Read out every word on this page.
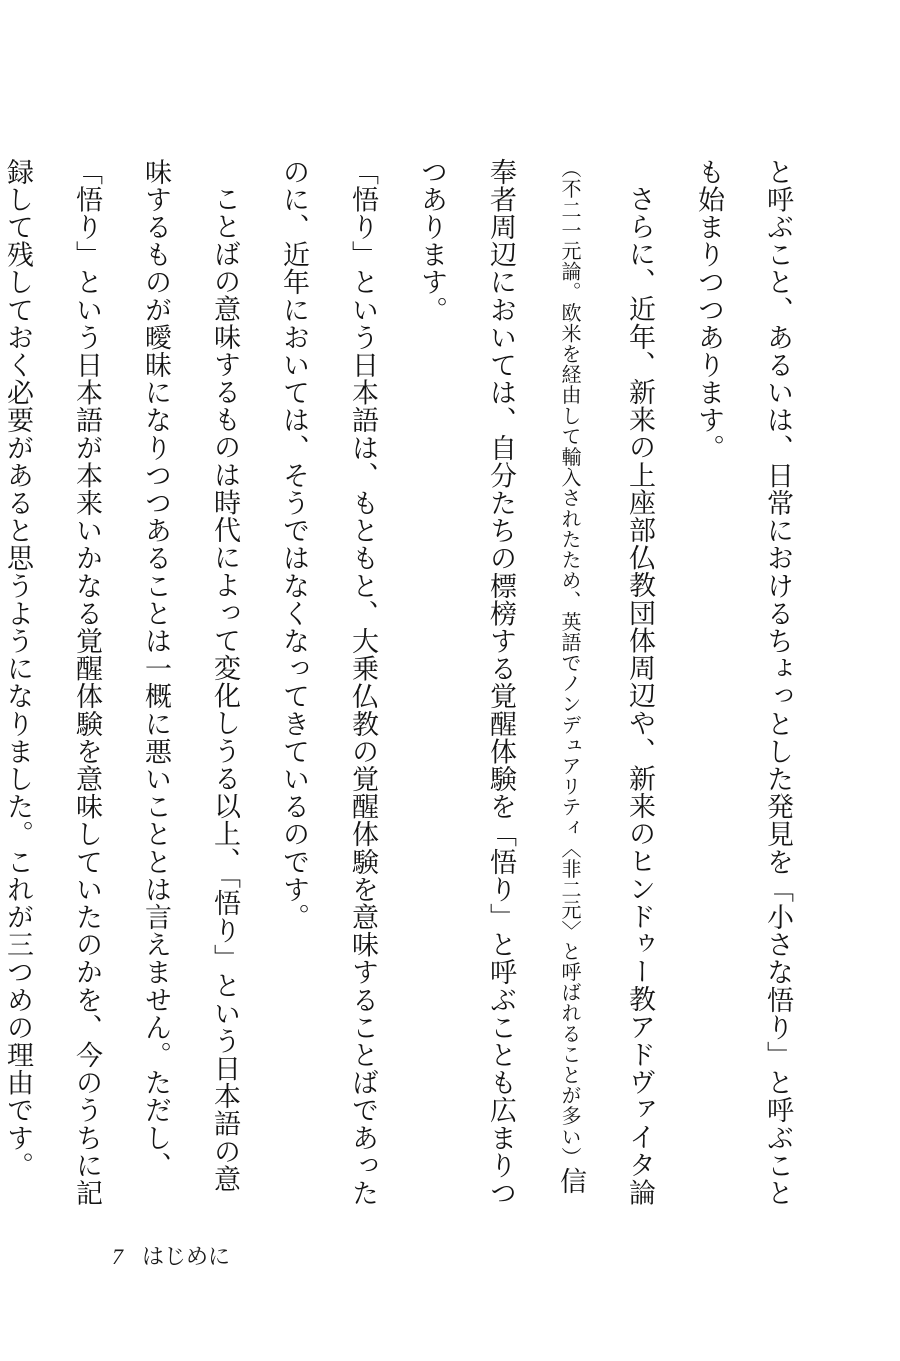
と呼ぶこと、あるいは、日常におけるちょっとした発見を「小さな悟り」と呼ぶことも始まりつつあります。

さらに、近年、新来の上座部仏教団体周辺や、新来のヒンドゥー教アドヴァイタ論（不二一元論。欧米を経由して輸入されたため、英語でノンデュアリティ〈非二元〉と呼ばれることが多い）信奉者周辺においては、自分たちの標榜する覚醒体験を「悟り」と呼ぶことも広まりつつあります。

「悟り」という日本語は、もともと、大乗仏教の覚醒体験を意味することばであったのに、近年においては、そうではなくなってきているのです。

ことばの意味するものは時代によって変化しうる以上、「悟り」という日本語の意味するものが曖昧になりつつあることは一概に悪いこととは言えません。ただし、「悟り」という日本語が本来いかなる覚醒体験を意味していたのかを、今のうちに記録して残しておく必要があると思うようになりました。これが三つめの理由です。

7 はじめに
